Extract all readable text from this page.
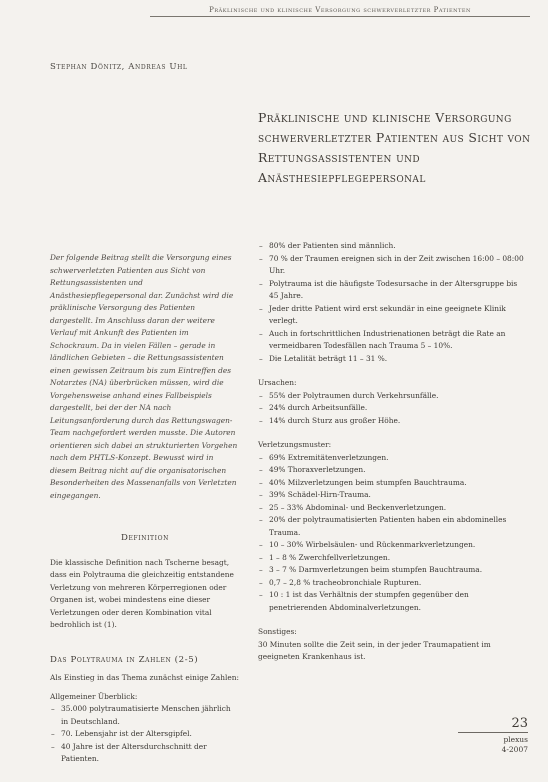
Präklinische und klinische Versorgung schwerverletzter Patienten
Stephan Dönitz, Andreas Uhl
Präklinische und klinische Versorgung
schwerverletzter Patienten aus Sicht von
Rettungsassistenten und
Anästhesiepflegepersonal

Der folgende Beitrag stellt die Versorgung eines schwerverletzten Patienten aus Sicht von Rettungsassistenten und Anästhesiepflegepersonal dar. Zunächst wird die präklinische Versorgung des Patienten dargestellt. Im Anschluss daran der weitere Verlauf mit Ankunft des Patienten im Schockraum. Da in vielen Fällen – gerade in ländlichen Gebieten – die Rettungsassistenten einen gewissen Zeitraum bis zum Eintreffen des Notarztes (NA) überbrücken müssen, wird die Vorgehensweise anhand eines Fallbeispiels dargestellt, bei der der NA nach Leitungsanforderung durch das Rettungswagen-Team nachgefordert werden musste. Die Autoren orientieren sich dabei an strukturierten Vorgehen nach dem PHTLS-Konzept. Bewusst wird in diesem Beitrag nicht auf die organisatorischen Besonderheiten des Massenanfalls von Verletzten eingegangen.

Definition

Die klassische Definition nach Tscherne besagt, dass ein Polytrauma die gleichzeitig entstandene Verletzung von mehreren Körperregionen oder Organen ist, wobei mindestens eine dieser Verletzungen oder deren Kombination vital bedrohlich ist (1).

Das Polytrauma in Zahlen (2-5)

Als Einstieg in das Thema zunächst einige Zahlen:

Allgemeiner Überblick:

– 35.000 polytraumatisierte Menschen jährlich in Deutschland.
– 70. Lebensjahr ist der Altersgipfel.
– 40 Jahre ist der Altersdurchschnitt der Patienten.
– 80% der Patienten sind männlich.
– 70 % der Traumen ereignen sich in der Zeit zwischen 16:00 – 08:00 Uhr.
– Polytrauma ist die häufigste Todesursache in der Altersgruppe bis 45 Jahre.
– Jeder dritte Patient wird erst sekundär in eine geeignete Klinik verlegt.
– Auch in fortschrittlichen Industrienationen beträgt die Rate an vermeidbaren Todesfällen nach Trauma 5 – 10%.
– Die Letalität beträgt 11 – 31 %.

Ursachen:

– 55% der Polytraumen durch Verkehrsunfälle.
– 24% durch Arbeitsunfälle.
– 14% durch Sturz aus großer Höhe.

Verletzungsmuster:

– 69% Extremitätenverletzungen.
– 49% Thoraxverletzungen.
– 40% Milzverletzungen beim stumpfen Bauchtrauma.
– 39% Schädel-Hirn-Trauma.
– 25 – 33% Abdominal- und Beckenverletzungen.
– 20% der polytraumatisierten Patienten haben ein abdominelles Trauma.
– 10 – 30% Wirbelsäulen- und Rückenmarkverletzungen.
– 1 – 8 % Zwerchfellverletzungen.
– 3 – 7 % Darmverletzungen beim stumpfen Bauchtrauma.
– 0,7 – 2,8 % tracheobronchiale Rupturen.
– 10 : 1 ist das Verhältnis der stumpfen gegenüber den penetrierenden Abdominalverletzungen.

Sonstiges:

30 Minuten sollte die Zeit sein, in der jeder Traumapatient im geeigneten Krankenhaus ist.

23
plexus
4-2007
